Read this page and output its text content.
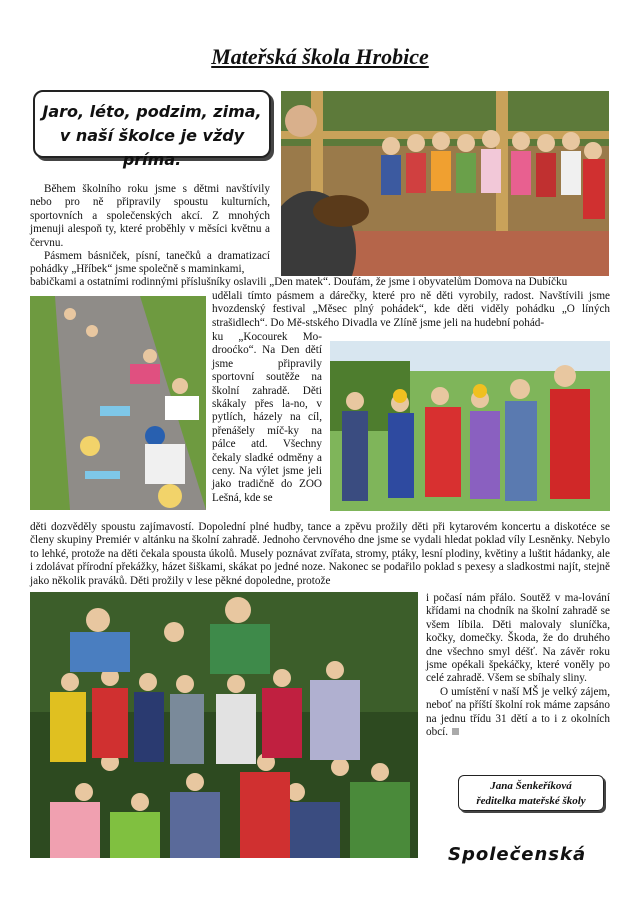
Mateřská škola Hrobice
Jaro, léto, podzim, zima,
v naší školce je vždy príma.

Během školního roku jsme s dětmi navštívily nebo pro ně připravily spoustu kulturních, sportovních a společenských akcí. Z mnohých jmenuji alespoň ty, které proběhly v měsíci květnu a červnu.

Pásmem básniček, písní, tanečků a dramatizací pohádky „Hříbek“ jsme společně s maminkami,

babičkami a ostatními rodinnými příslušníky oslavili „Den matek“. Doufám, že jsme i obyvatelům Domova na Dubíčku

udělali tímto pásmem a dárečky, které pro ně děti vyrobily, radost. Navštívili jsme hvozdenský festival „Měsec plný pohádek“, kde děti viděly pohádku „O líných strašidlech“. Do Mě-stského Divadla ve Zlíně jsme jeli na hudební pohád-

ku „Kocourek Mo-drooćko“. Na Den dětí jsme připravily sportovní soutěže na školní zahradě. Děti skákaly přes la-no, v pytlích, házely na cíl, přenášely míč-ky na pálce atd. Všechny čekaly sladké odměny a ceny. Na výlet jsme jeli jako tradičně do ZOO Lešná, kde se

děti dozvěděly spoustu zajímavostí. Dopolední plné hudby, tance a zpěvu prožily děti při kytarovém koncertu a diskotéce se členy skupiny Premiér v altánku na školní zahradě. Jednoho červnového dne jsme se vydali hledat poklad víly Lesněnky. Nebylo to lehké, protože na děti čekala spousta úkolů. Musely poznávat zvířata, stromy, ptáky, lesní plodiny, květiny a luštit hádanky, ale i zdolávat přírodní překážky, házet šiškami, skákat po jedné noze. Nakonec se podařilo poklad s pexesy a sladkostmi najít, stejně jako několik praváků. Děti prožily v lese pěkné dopoledne, protože

i počasí nám přálo. Soutěž v ma-lování křídami na chodník na školní zahradě se všem líbila. Děti malovaly sluníčka, kočky, domečky. Škoda, že do druhého dne všechno smyl déšť. Na závěr roku jsme opékali špekáčky, které voněly po celé zahradě. Všem se sbíhaly sliny.

O umístění v naší MŠ je velký zájem, neboť na příští školní rok máme zapsáno na jednu třídu 31 dětí a to i z okolních obcí.

Jana Šenkeříková
ředitelka mateřské školy
Společenská
